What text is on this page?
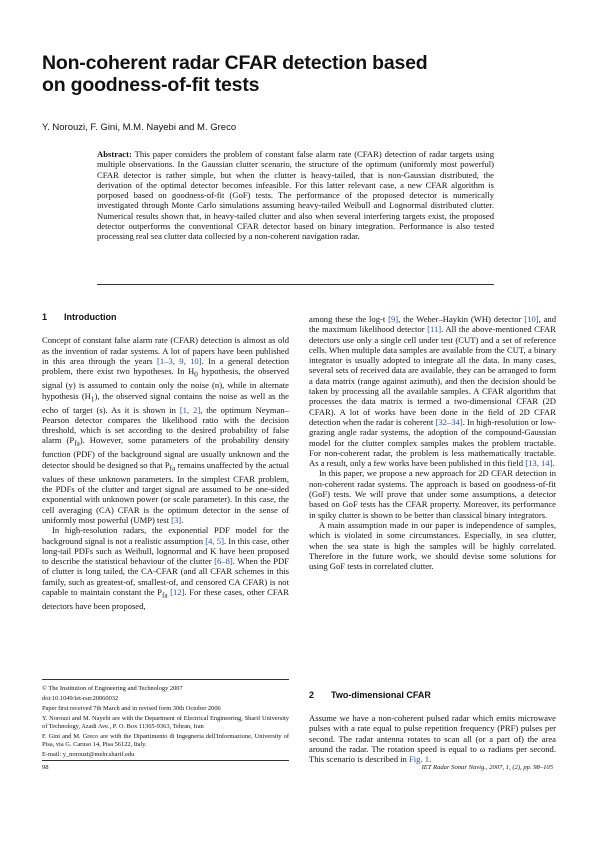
Non-coherent radar CFAR detection based
on goodness-of-fit tests

Y. Norouzi, F. Gini, M.M. Nayebi and M. Greco

Abstract: This paper considers the problem of constant false alarm rate (CFAR) detection of radar targets using multiple observations. In the Gaussian clutter scenario, the structure of the optimum (uniformly most powerful) CFAR detector is rather simple, but when the clutter is heavy-tailed, that is non-Gaussian distributed, the derivation of the optimal detector becomes infeasible. For this latter relevant case, a new CFAR algorithm is porposed based on goodness-of-fit (GoF) tests. The performance of the proposed detector is numerically investigated through Monte Carlo simulations assuming heavy-tailed Weibull and Lognormal distributed clutter. Numerical results shown that, in heavy-tailed clutter and also when several interfering targets exist, the proposed detector outperforms the conventional CFAR detector based on binary integration. Performance is also tested processing real sea clutter data collected by a non-coherent navigation radar.

1 Introduction

Concept of constant false alarm rate (CFAR) detection is almost as old as the invention of radar systems. A lot of papers have been published in this area through the years [1–3, 9, 10]. In a general detection problem, there exist two hypotheses. In $H_0$ hypothesis, the observed signal (y) is assumed to contain only the noise (n), while in alternate hypothesis $(H_1)$, the observed signal contains the noise as well as the echo of target (s). As it is shown in [1, 2], the optimum Neyman–Pearson detector compares the likelihood ratio with the decision threshold, which is set according to the desired probability of false alarm $(P_{fa})$. However, some parameters of the probability density function (PDF) of the background signal are usually unknown and the detector should be designed so that $P_{fa}$ remains unaffected by the actual values of these unknown parameters. In the simplest CFAR problem, the PDFs of the clutter and target signal are assumed to be one-sided exponential with unknown power (or scale parameter). In this case, the cell averaging (CA) CFAR is the optimum detector in the sense of uniformly most powerful (UMP) test [3].

In high-resolution radars, the exponential PDF model for the background signal is not a realistic assumption [4, 5]. In this case, other long-tail PDFs such as Weibull, lognormal and K have been proposed to describe the statistical behaviour of the clutter [6–8]. When the PDF of clutter is long tailed, the CA-CFAR (and all CFAR schemes in this family, such as greatest-of, smallest-of, and censored CA CFAR) is not capable to maintain constant the $P_{fa}$ [12]. For these cases, other CFAR detectors have been proposed,

among these the log-t [9], the Weber–Haykin (WH) detector [10], and the maximum likelihood detector [11]. All the above-mentioned CFAR detectors use only a single cell under test (CUT) and a set of reference cells. When multiple data samples are available from the CUT, a binary integrator is usually adopted to integrate all the data. In many cases, several sets of received data are available, they can be arranged to form a data matrix (range against azimuth), and then the decision should be taken by processing all the available samples. A CFAR algorithm that processes the data matrix is termed a two-dimensional CFAR (2D CFAR). A lot of works have been done in the field of 2D CFAR detection when the radar is coherent [32–34]. In high-resolution or low-grazing angle radar systems, the adoption of the compound-Gaussian model for the clutter complex samples makes the problem tractable. For non-coherent radar, the problem is less mathematically tractable. As a result, only a few works have been published in this field [13, 14].

In this paper, we propose a new approach for 2D CFAR detection in non-coherent radar systems. The approach is based on goodness-of-fit (GoF) tests. We will prove that under some assumptions, a detector based on GoF tests has the CFAR property. Moreover, its performance in spiky clutter is shown to be better than classical binary integrators.

A main assumption made in our paper is independence of samples, which is violated in some circumstances. Especially, in sea clutter, when the sea state is high the samples will be highly correlated. Therefore in the future work, we should devise some solutions for using GoF tests in correlated clutter.

2 Two-dimensional CFAR

Assume we have a non-coherent pulsed radar which emits microwave pulses with a rate equal to pulse repetition frequency (PRF) pulses per second. The radar antenna rotates to scan all (or a part of) the area around the radar. The rotation speed is equal to ω radians per second. This scenario is described in Fig. 1.

© The Institution of Engineering and Technology 2007

doi:10.1049/iet-rsn:20060032

Paper first received 7th March and in revised form 30th October 2006

Y. Norouzi and M. Nayebi are with the Department of Electrical Engineering, Sharif University of Technology, Azadi Ave., P. O. Box 11365-9363, Tehran, Iran

F. Gini and M. Greco are with the Dipartimento di Ingegneria dell'Informazione, University of Pisa, via G. Caruso 14, Pisa 56122, Italy.

E-mail: y_norouzi@mehr.sharif.edu

98	IET Radar Sonar Navig., 2007, 1, (2), pp. 98–105
